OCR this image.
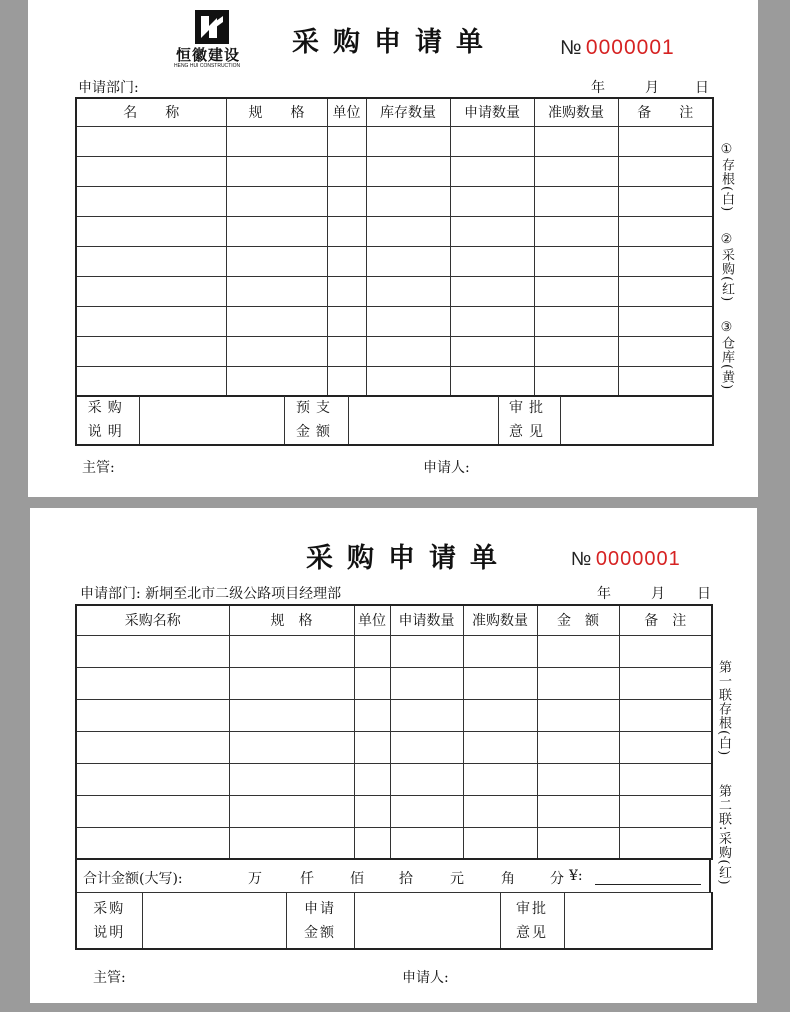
恒徽建设
HENG HUI CONSTRUCTION
采购申请单	№ 0000001
申请部门:	年	月	日
名　　称	规　　格	单位	库存数量	申请数量	准购数量	备　　注

采购
说明

预支
金额

审批
意见

主管:	申请人:
①存根(白)
②采购(红)
③仓库(黄)
采购申请单	№ 0000001
申请部门: 新垌至北市二级公路项目经理部	年	月 日
采购名称	规　格	单位	申请数量	准购数量	金　额	备　注

合计金额(大写):	万	仟	佰	拾	元	角	分 ¥:
采购
说明

申请
金额

审批
意见

主管:	申请人:
第一联存根(白)
第二联:采购(红)
